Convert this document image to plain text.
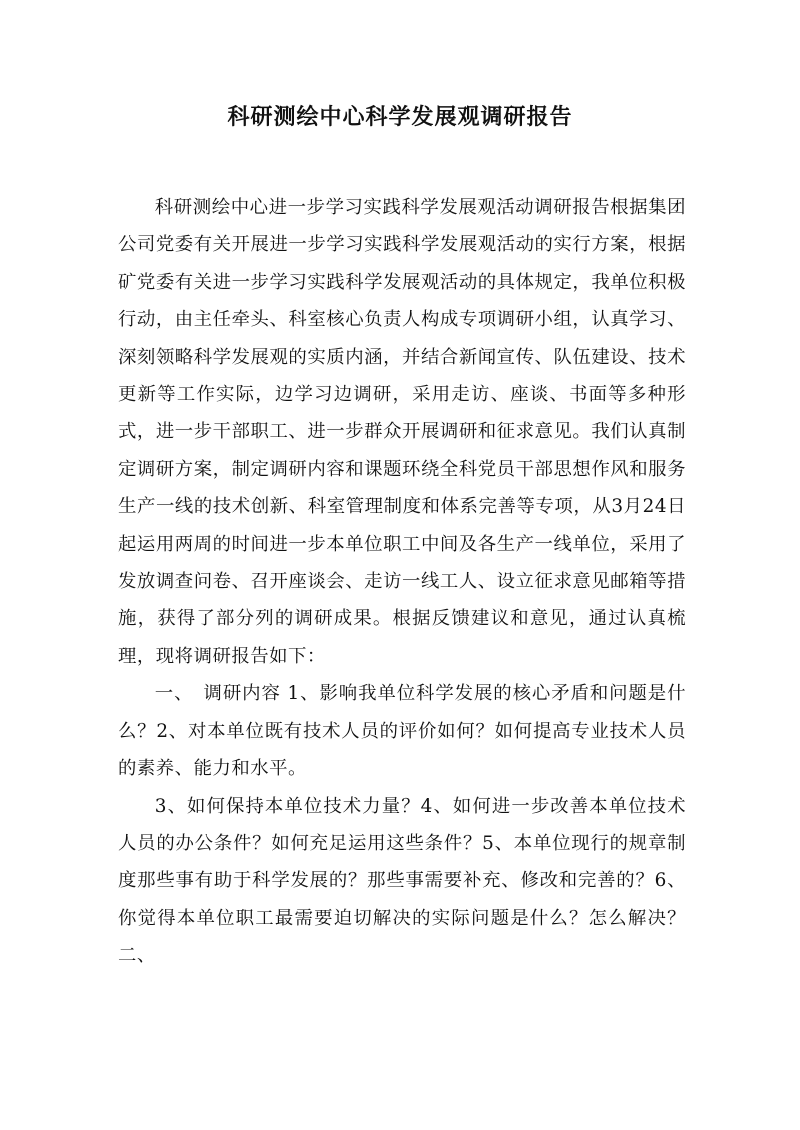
科研测绘中心科学发展观调研报告

科研测绘中心进一步学习实践科学发展观活动调研报告根据集团公司党委有关开展进一步学习实践科学发展观活动的实行方案，根据矿党委有关进一步学习实践科学发展观活动的具体规定，我单位积极行动，由主任牵头、科室核心负责人构成专项调研小组，认真学习、深刻领略科学发展观的实质内涵，并结合新闻宣传、队伍建设、技术更新等工作实际，边学习边调研，采用走访、座谈、书面等多种形式，进一步干部职工、进一步群众开展调研和征求意见。我们认真制定调研方案，制定调研内容和课题环绕全科党员干部思想作风和服务生产一线的技术创新、科室管理制度和体系完善等专项，从3月24日起运用两周的时间进一步本单位职工中间及各生产一线单位，采用了发放调查问卷、召开座谈会、走访一线工人、设立征求意见邮箱等措施，获得了部分列的调研成果。根据反馈建议和意见，通过认真梳理，现将调研报告如下：

一、　调研内容 1、影响我单位科学发展的核心矛盾和问题是什么？2、对本单位既有技术人员的评价如何？如何提高专业技术人员的素养、能力和水平。

3、如何保持本单位技术力量？4、如何进一步改善本单位技术人员的办公条件？如何充足运用这些条件？5、本单位现行的规章制度那些事有助于科学发展的？那些事需要补充、修改和完善的？6、你觉得本单位职工最需要迫切解决的实际问题是什么？怎么解决？二、
